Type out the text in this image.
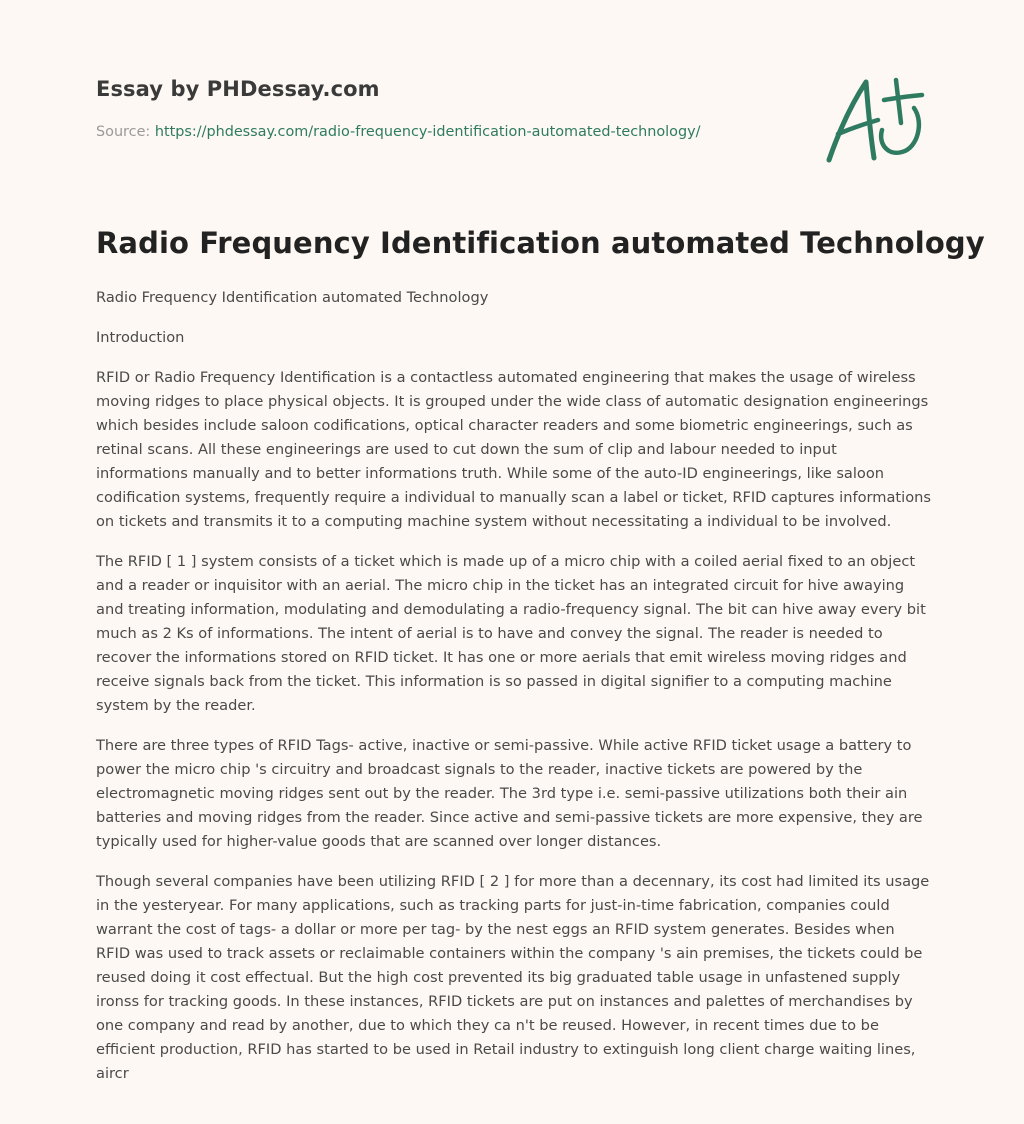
Essay by PHDessay.com
Source: https://phdessay.com/radio-frequency-identification-automated-technology/
Radio Frequency Identification automated Technology

Radio Frequency Identification automated Technology

Introduction

RFID or Radio Frequency Identification is a contactless automated engineering that makes the usage of wireless moving ridges to place physical objects. It is grouped under the wide class of automatic designation engineerings which besides include saloon codifications, optical character readers and some biometric engineerings, such as retinal scans. All these engineerings are used to cut down the sum of clip and labour needed to input informations manually and to better informations truth. While some of the auto-ID engineerings, like saloon codification systems, frequently require a individual to manually scan a label or ticket, RFID captures informations on tickets and transmits it to a computing machine system without necessitating a individual to be involved.

The RFID [ 1 ] system consists of a ticket which is made up of a micro chip with a coiled aerial fixed to an object and a reader or inquisitor with an aerial. The micro chip in the ticket has an integrated circuit for hive awaying and treating information, modulating and demodulating a radio-frequency signal. The bit can hive away every bit much as 2 Ks of informations. The intent of aerial is to have and convey the signal. The reader is needed to recover the informations stored on RFID ticket. It has one or more aerials that emit wireless moving ridges and receive signals back from the ticket. This information is so passed in digital signifier to a computing machine system by the reader.

There are three types of RFID Tags- active, inactive or semi-passive. While active RFID ticket usage a battery to power the micro chip 's circuitry and broadcast signals to the reader, inactive tickets are powered by the electromagnetic moving ridges sent out by the reader. The 3rd type i.e. semi-passive utilizations both their ain batteries and moving ridges from the reader. Since active and semi-passive tickets are more expensive, they are typically used for higher-value goods that are scanned over longer distances.

Though several companies have been utilizing RFID [ 2 ] for more than a decennary, its cost had limited its usage in the yesteryear. For many applications, such as tracking parts for just-in-time fabrication, companies could warrant the cost of tags- a dollar or more per tag- by the nest eggs an RFID system generates. Besides when RFID was used to track assets or reclaimable containers within the company 's ain premises, the tickets could be reused doing it cost effectual. But the high cost prevented its big graduated table usage in unfastened supply ironss for tracking goods. In these instances, RFID tickets are put on instances and palettes of merchandises by one company and read by another, due to which they ca n't be reused. However, in recent times due to be efficient production, RFID has started to be used in Retail industry to extinguish long client charge waiting lines, aircr
